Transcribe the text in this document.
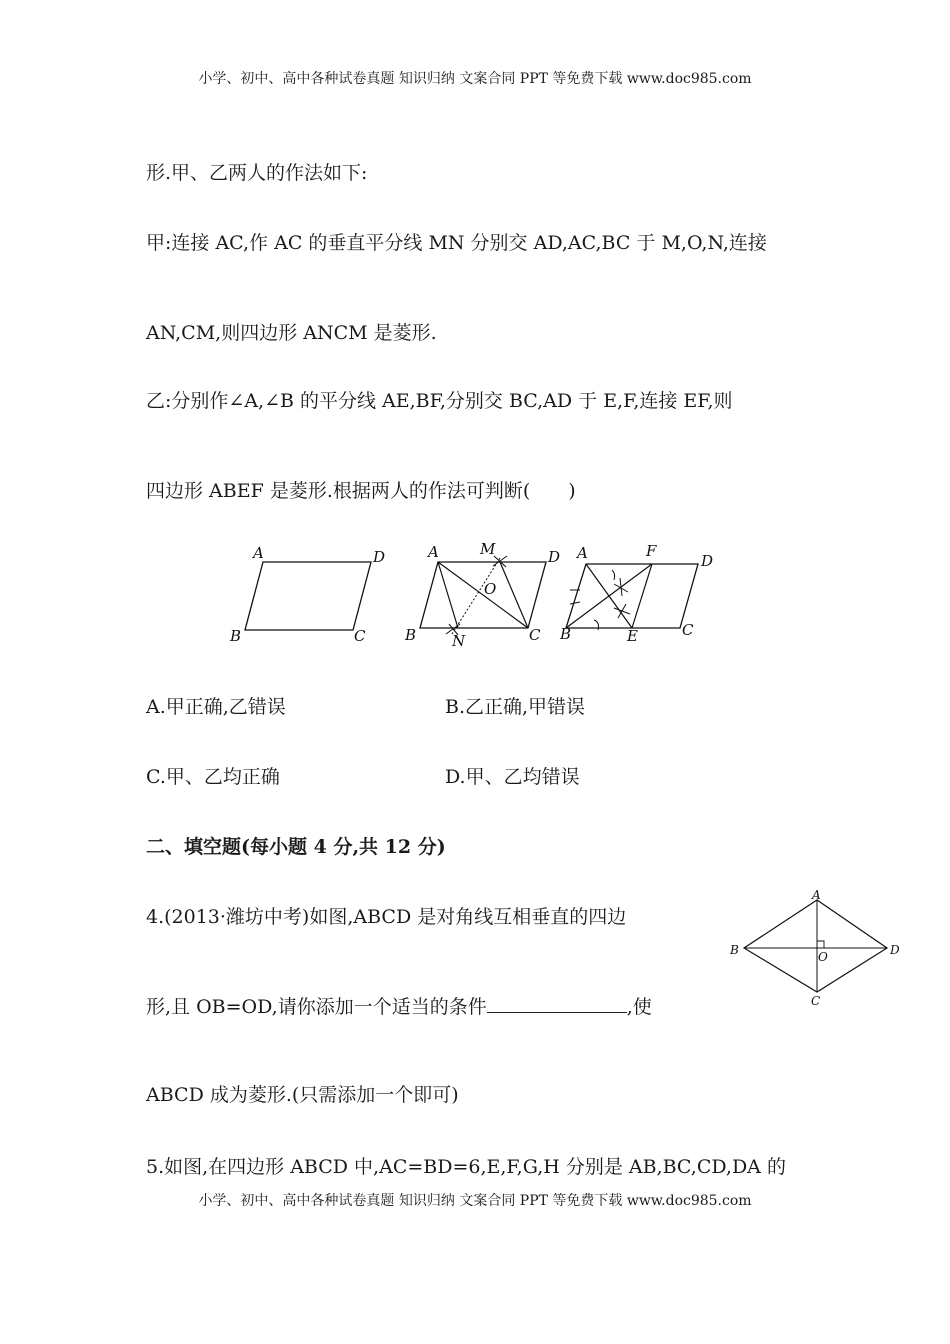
小学、初中、高中各种试卷真题 知识归纳 文案合同 PPT 等免费下载 www.doc985.com
形.甲、乙两人的作法如下:
甲:连接 AC,作 AC 的垂直平分线 MN 分别交 AD,AC,BC 于 M,O,N,连接
AN,CM,则四边形 ANCM 是菱形.
乙:分别作∠A,∠B 的平分线 AE,BF,分别交 BC,AD 于 E,F,连接 EF,则
四边形 ABEF 是菱形.根据两人的作法可判断(　　)
A	D
B	C
A	M	D
O
B N	C
A	F
D
B	E	C
A.甲正确,乙错误	B.乙正确,甲错误
C.甲、乙均正确	D.甲、乙均错误
二、填空题(每小题 4 分,共 12 分)
4.(2013·潍坊中考)如图,ABCD 是对角线互相垂直的四边
形,且 OB=OD,请你添加一个适当的条件	,使
ABCD 成为菱形.(只需添加一个即可)
A
B	D
O
C
5.如图,在四边形 ABCD 中,AC=BD=6,E,F,G,H 分别是 AB,BC,CD,DA 的
小学、初中、高中各种试卷真题 知识归纳 文案合同 PPT 等免费下载 www.doc985.com
